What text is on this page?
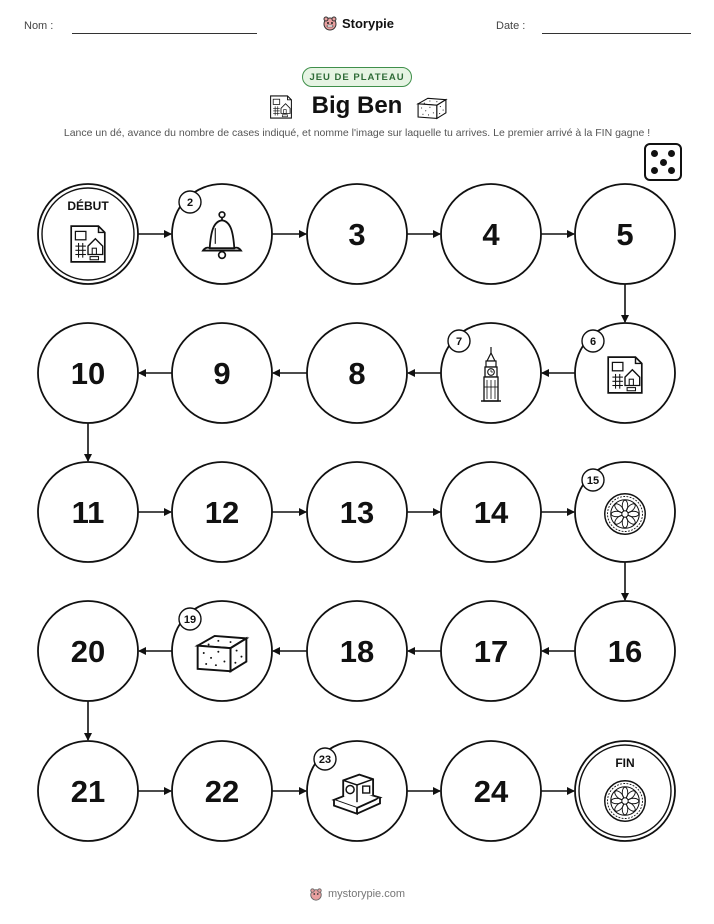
Nom :	Storypie	Date :
JEU DE PLATEAU
Big Ben
Lance un dé, avance du nombre de cases indiqué, et nomme l'image sur laquelle tu arrives. Le premier arrivé à la FIN gagne !
DÉBUT	2
3	4	5
6
7
8
9
10
11	12	13	14
15
16
17
18
19
20
21	22
23
24
FIN
mystorypie.com
